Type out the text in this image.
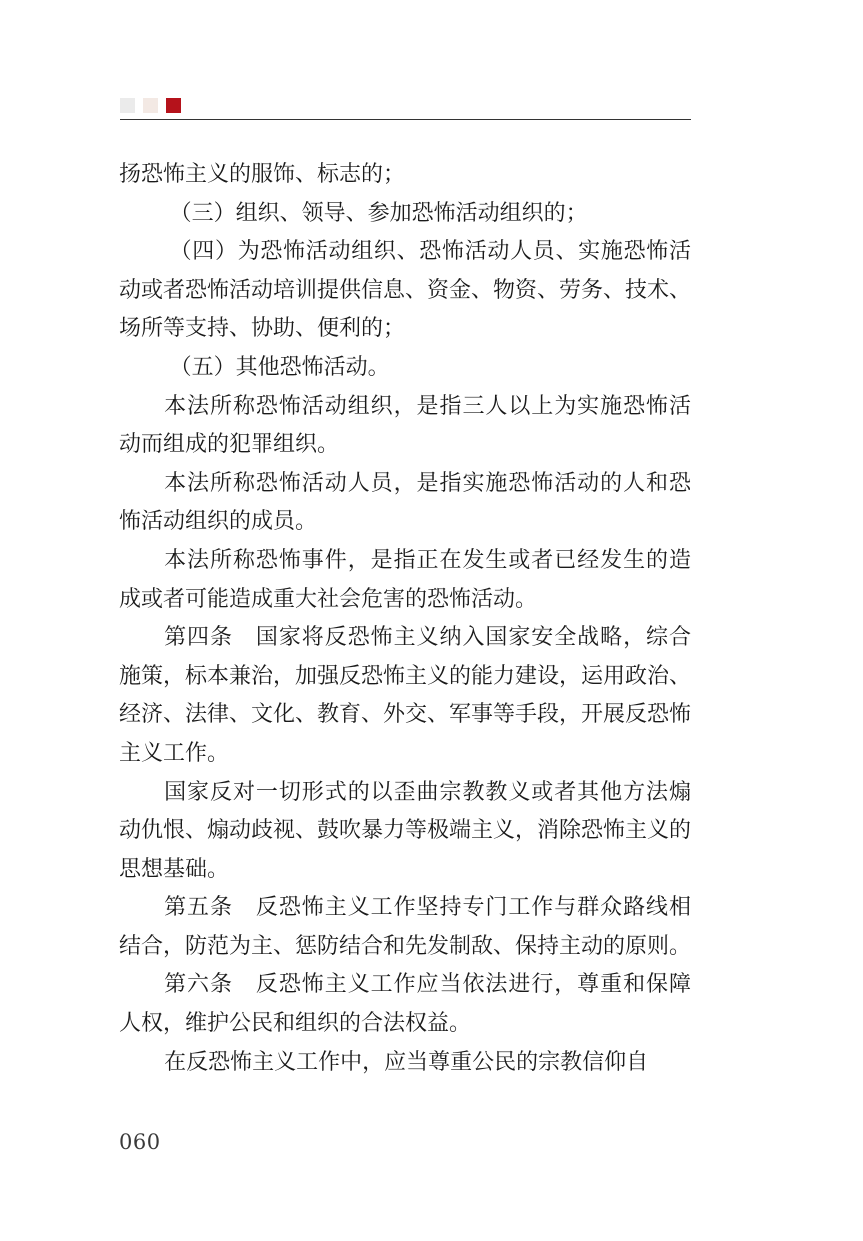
扬恐怖主义的服饰、标志的；

（三）组织、领导、参加恐怖活动组织的；

（四）为恐怖活动组织、恐怖活动人员、实施恐怖活动或者恐怖活动培训提供信息、资金、物资、劳务、技术、场所等支持、协助、便利的；

（五）其他恐怖活动。

本法所称恐怖活动组织，是指三人以上为实施恐怖活动而组成的犯罪组织。

本法所称恐怖活动人员，是指实施恐怖活动的人和恐怖活动组织的成员。

本法所称恐怖事件，是指正在发生或者已经发生的造成或者可能造成重大社会危害的恐怖活动。

第四条　国家将反恐怖主义纳入国家安全战略，综合施策，标本兼治，加强反恐怖主义的能力建设，运用政治、经济、法律、文化、教育、外交、军事等手段，开展反恐怖主义工作。

国家反对一切形式的以歪曲宗教教义或者其他方法煽动仇恨、煽动歧视、鼓吹暴力等极端主义，消除恐怖主义的思想基础。

第五条　反恐怖主义工作坚持专门工作与群众路线相结合，防范为主、惩防结合和先发制敌、保持主动的原则。

第六条　反恐怖主义工作应当依法进行，尊重和保障人权，维护公民和组织的合法权益。

在反恐怖主义工作中，应当尊重公民的宗教信仰自

060
